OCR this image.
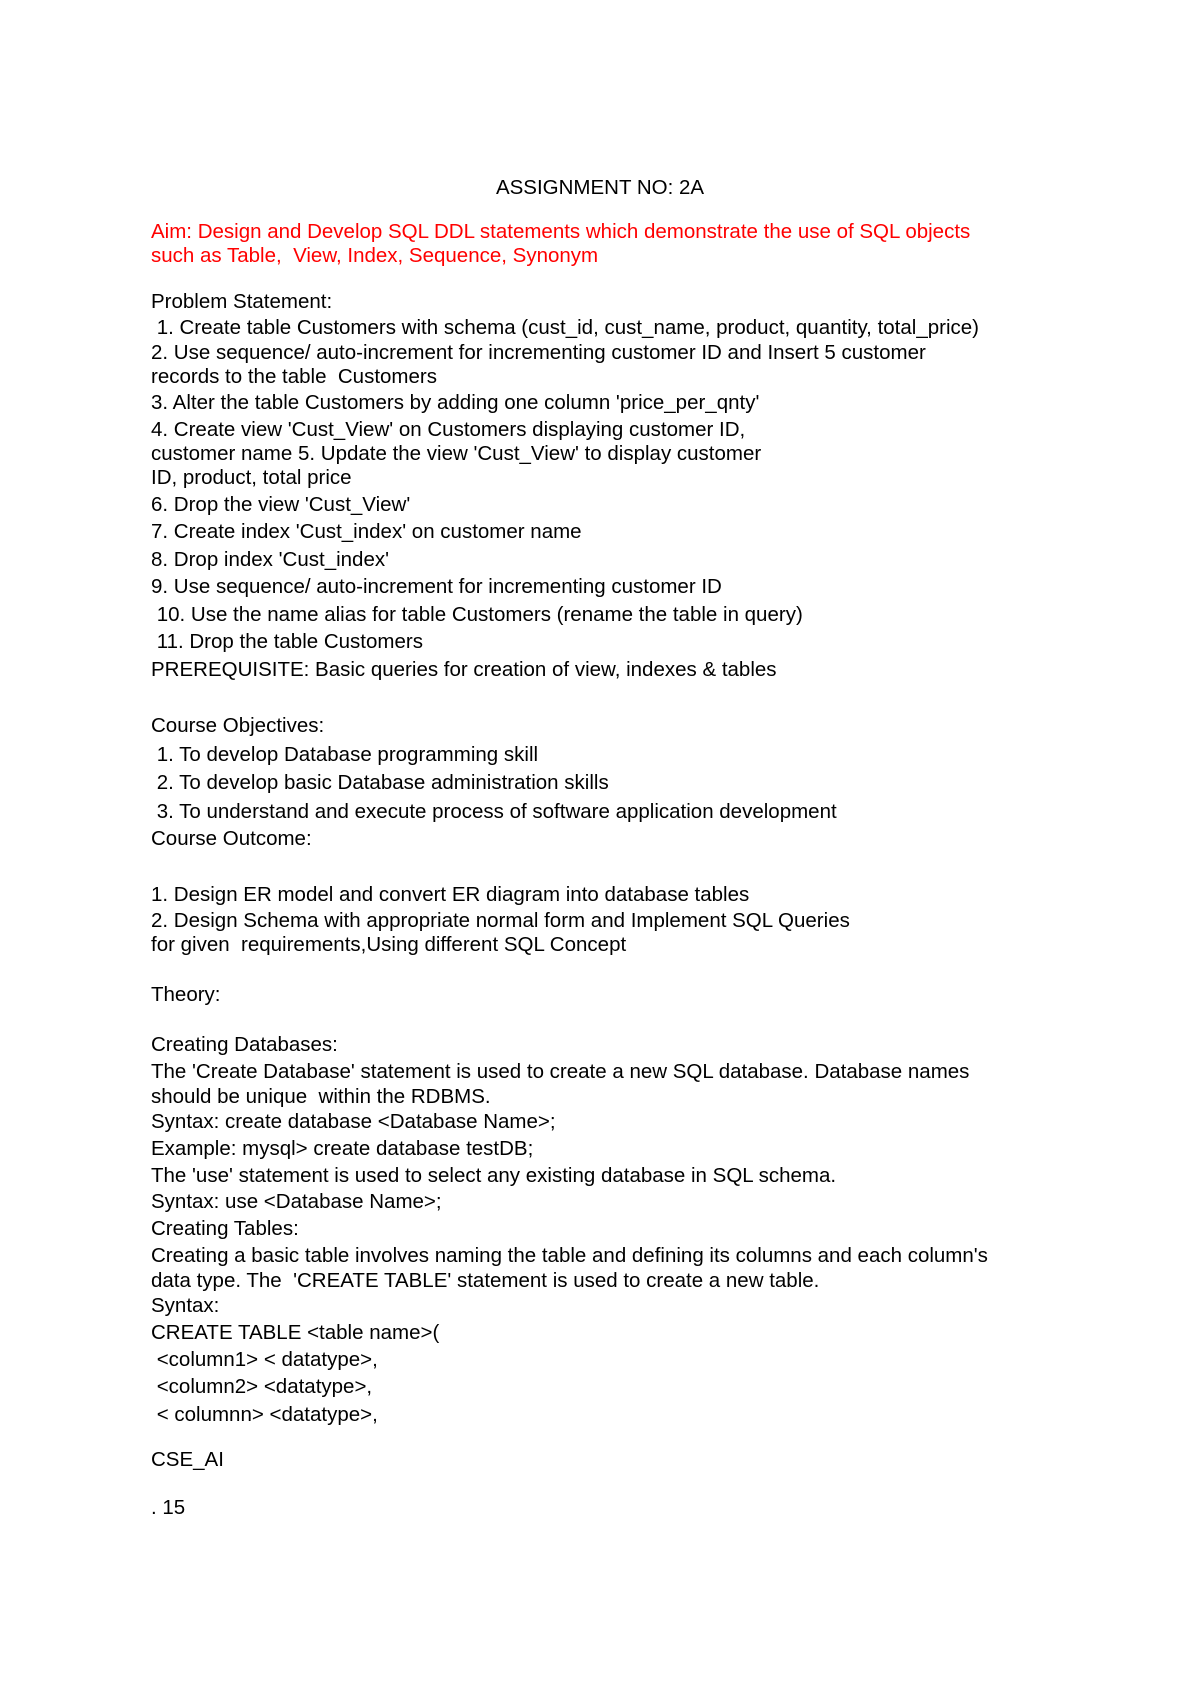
ASSIGNMENT NO: 2A
Aim: Design and Develop SQL DDL statements which demonstrate the use of SQL objects
such as Table,  View, Index, Sequence, Synonym
Problem Statement:
1. Create table Customers with schema (cust_id, cust_name, product, quantity, total_price)
2. Use sequence/ auto-increment for incrementing customer ID and Insert 5 customer
records to the table  Customers
3. Alter the table Customers by adding one column 'price_per_qnty'
4. Create view 'Cust_View' on Customers displaying customer ID,
customer name 5. Update the view 'Cust_View' to display customer
ID, product, total price
6. Drop the view 'Cust_View'
7. Create index 'Cust_index' on customer name
8. Drop index 'Cust_index'
9. Use sequence/ auto-increment for incrementing customer ID
10. Use the name alias for table Customers (rename the table in query)
11. Drop the table Customers
PREREQUISITE: Basic queries for creation of view, indexes & tables
Course Objectives:
1. To develop Database programming skill
2. To develop basic Database administration skills
3. To understand and execute process of software application development
Course Outcome:
1. Design ER model and convert ER diagram into database tables
2. Design Schema with appropriate normal form and Implement SQL Queries
for given  requirements,Using different SQL Concept
Theory:
Creating Databases:
The 'Create Database' statement is used to create a new SQL database. Database names
should be unique  within the RDBMS.
Syntax: create database <Database Name>;
Example: mysql> create database testDB;
The 'use' statement is used to select any existing database in SQL schema.
Syntax: use <Database Name>;
Creating Tables:
Creating a basic table involves naming the table and defining its columns and each column's
data type. The  'CREATE TABLE' statement is used to create a new table.
Syntax:
CREATE TABLE <table name>(
<column1> < datatype>,
<column2> <datatype>,
< columnn> <datatype>,
CSE_AI
. 15
